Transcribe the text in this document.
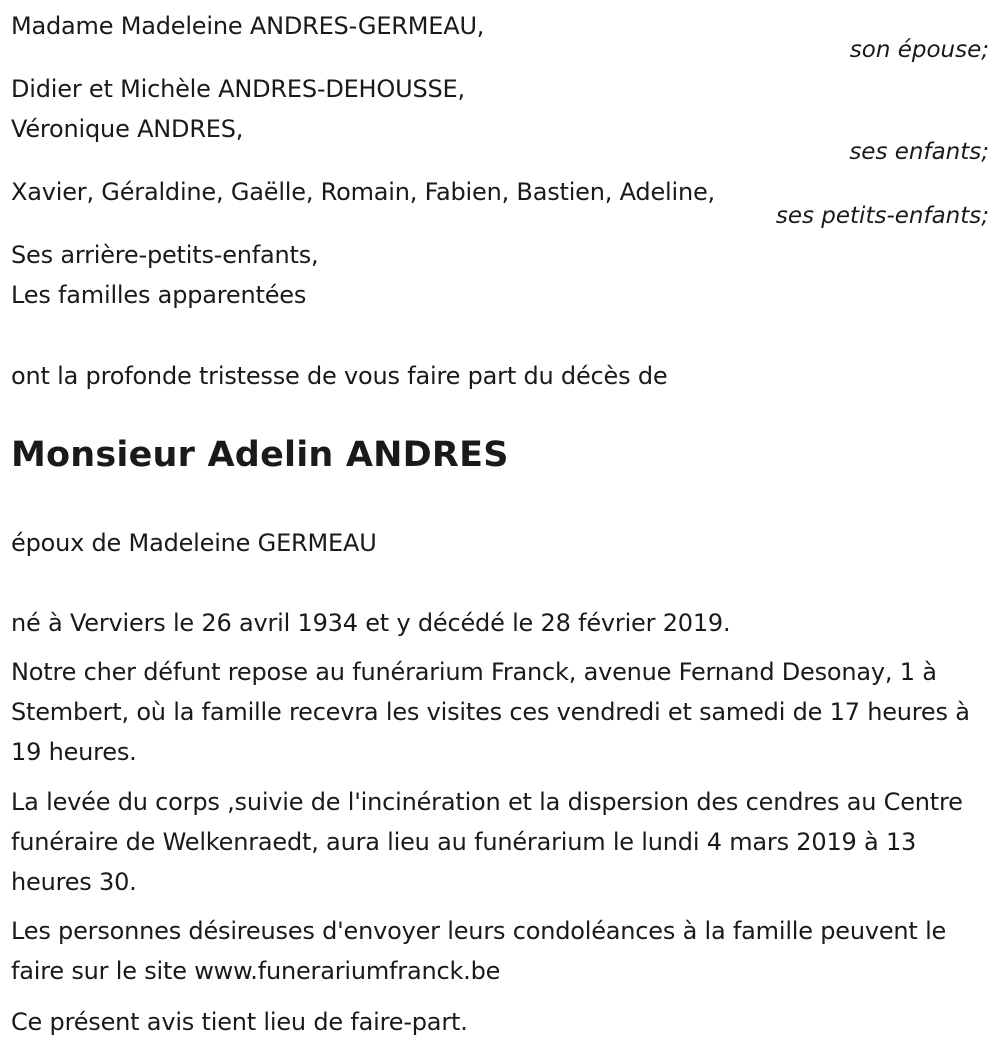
Madame Madeleine ANDRES-GERMEAU,
son épouse;
Didier et Michèle ANDRES-DEHOUSSE,
Véronique ANDRES,
ses enfants;
Xavier, Géraldine, Gaëlle, Romain, Fabien, Bastien, Adeline,
ses petits-enfants;
Ses arrière-petits-enfants,
Les familles apparentées
ont la profonde tristesse de vous faire part du décès de
Monsieur Adelin ANDRES
époux de Madeleine GERMEAU
né à Verviers le 26 avril 1934 et y décédé le 28 février 2019.
Notre cher défunt repose au funérarium Franck, avenue Fernand Desonay, 1 à Stembert, où la famille recevra les visites ces vendredi et samedi de 17 heures à 19 heures.
La levée du corps ,suivie de l'incinération et la dispersion des cendres au Centre funéraire de Welkenraedt, aura lieu au funérarium le lundi 4 mars 2019 à 13 heures 30.
Les personnes désireuses d'envoyer leurs condoléances à la famille peuvent le faire sur le site www.funerariumfranck.be
Ce présent avis tient lieu de faire-part.
